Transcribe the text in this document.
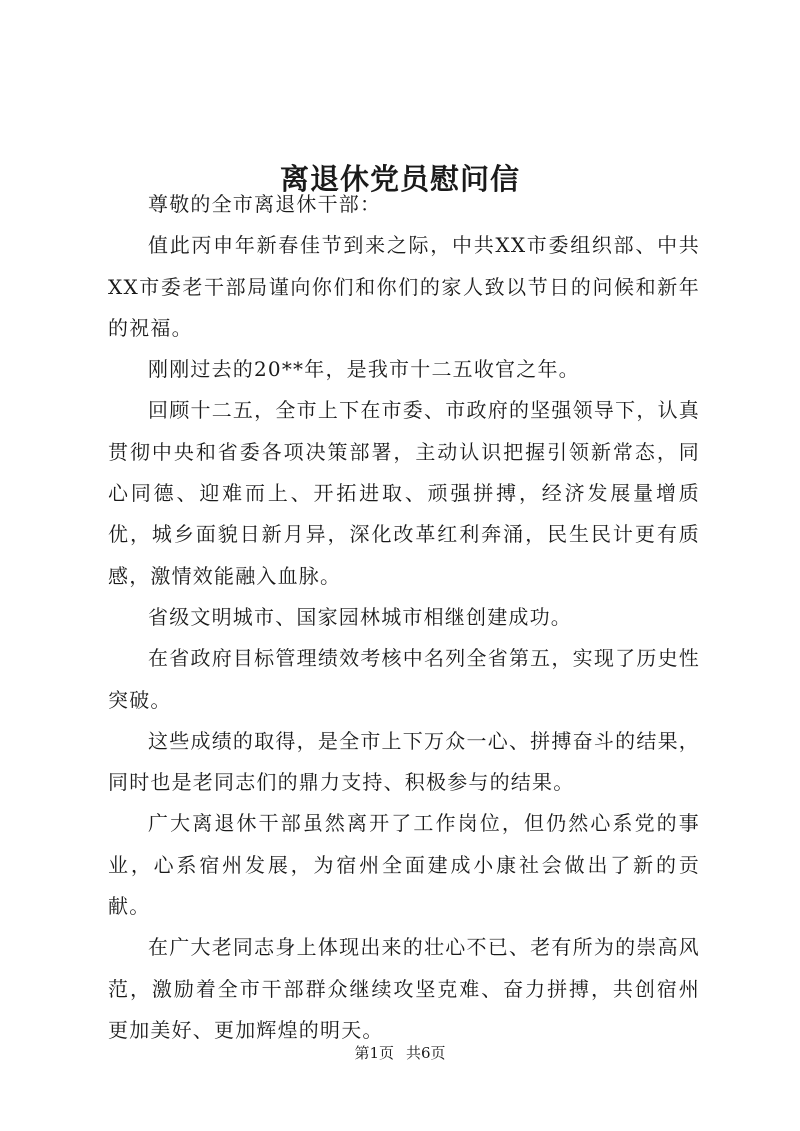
离退休党员慰问信

尊敬的全市离退休干部：

值此丙申年新春佳节到来之际，中共XX市委组织部、中共XX市委老干部局谨向你们和你们的家人致以节日的问候和新年的祝福。

刚刚过去的20**年，是我市十二五收官之年。

回顾十二五，全市上下在市委、市政府的坚强领导下，认真贯彻中央和省委各项决策部署，主动认识把握引领新常态，同心同德、迎难而上、开拓进取、顽强拼搏，经济发展量增质优，城乡面貌日新月异，深化改革红利奔涌，民生民计更有质感，激情效能融入血脉。

省级文明城市、国家园林城市相继创建成功。

在省政府目标管理绩效考核中名列全省第五，实现了历史性突破。

这些成绩的取得，是全市上下万众一心、拼搏奋斗的结果，同时也是老同志们的鼎力支持、积极参与的结果。

广大离退休干部虽然离开了工作岗位，但仍然心系党的事业，心系宿州发展，为宿州全面建成小康社会做出了新的贡献。

在广大老同志身上体现出来的壮心不已、老有所为的崇高风范，激励着全市干部群众继续攻坚克难、奋力拼搏，共创宿州更加美好、更加辉煌的明天。

第1页 共6页
